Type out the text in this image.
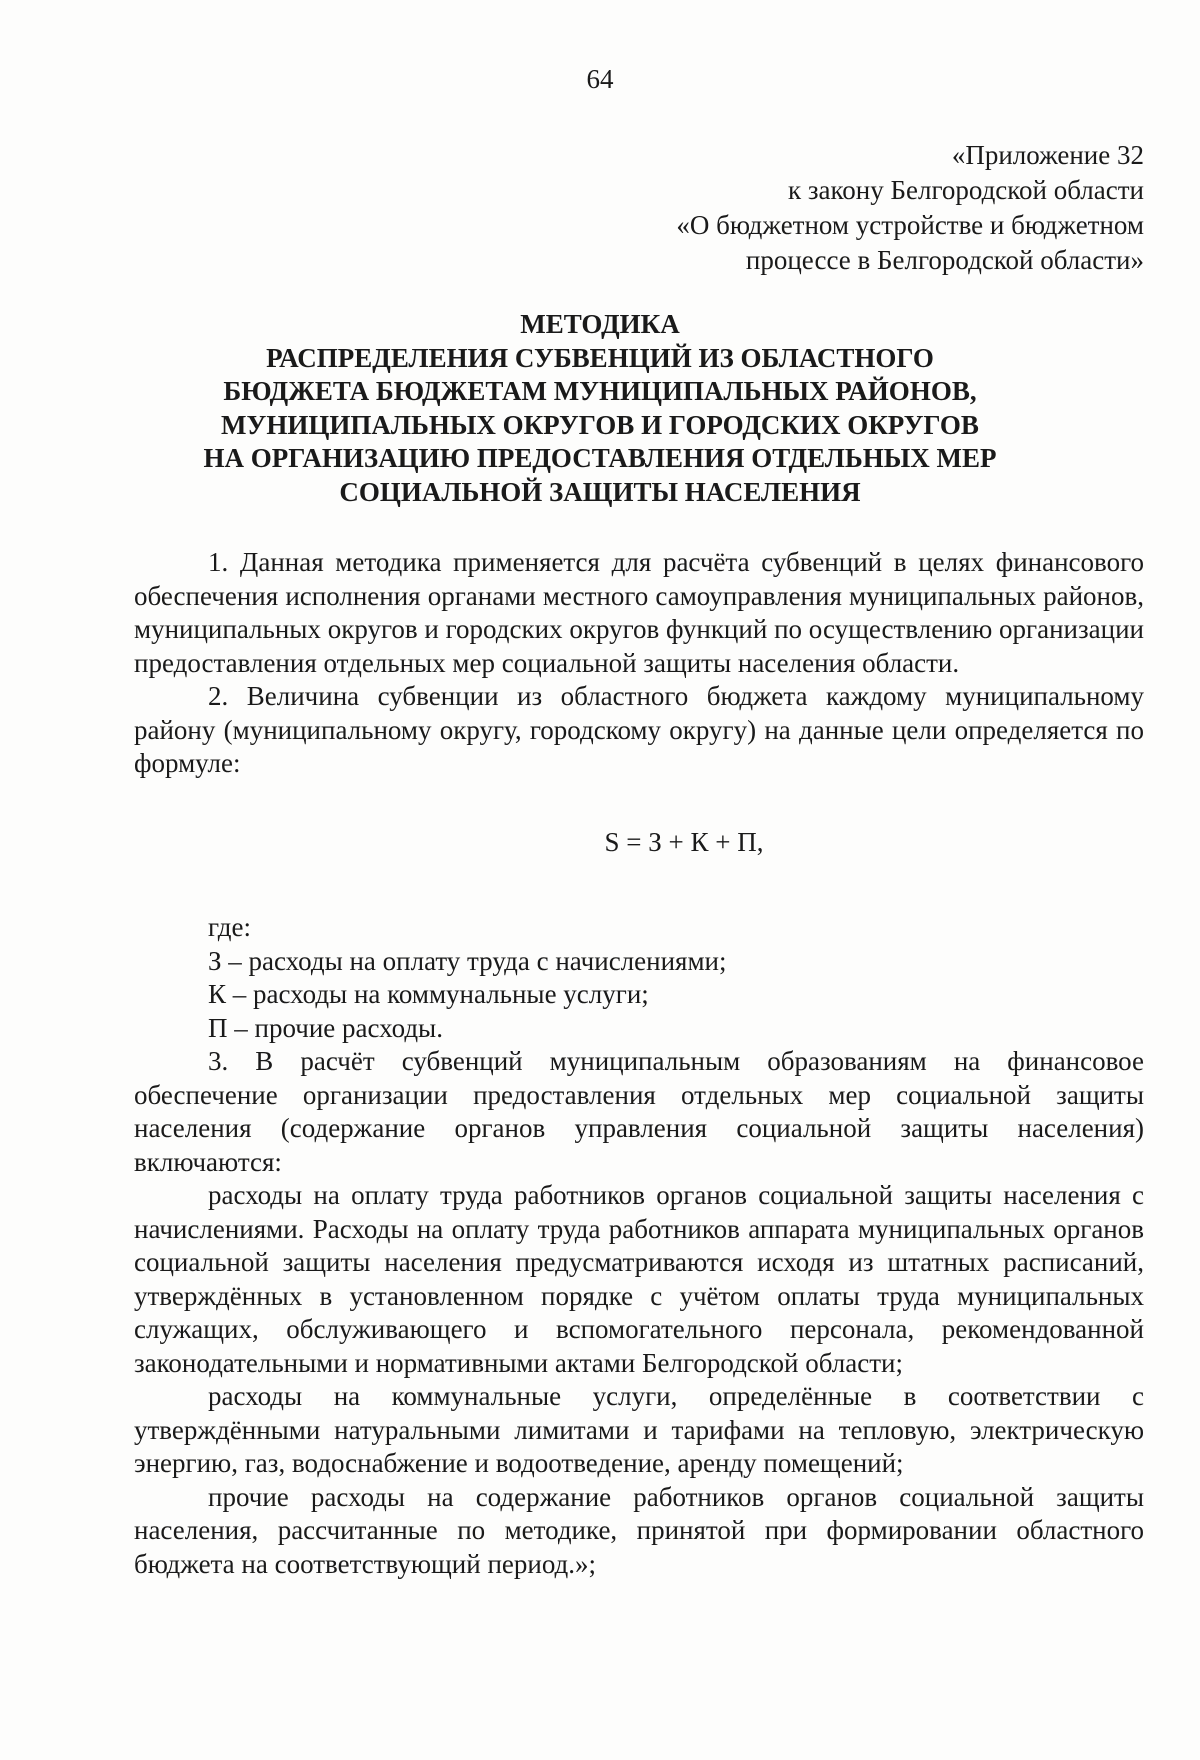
64
«Приложение 32
к закону Белгородской области
«О бюджетном устройстве и бюджетном
процессе в Белгородской области»
МЕТОДИКА
РАСПРЕДЕЛЕНИЯ СУБВЕНЦИЙ ИЗ ОБЛАСТНОГО
БЮДЖЕТА БЮДЖЕТАМ МУНИЦИПАЛЬНЫХ РАЙОНОВ,
МУНИЦИПАЛЬНЫХ ОКРУГОВ И ГОРОДСКИХ ОКРУГОВ
НА ОРГАНИЗАЦИЮ ПРЕДОСТАВЛЕНИЯ ОТДЕЛЬНЫХ МЕР
СОЦИАЛЬНОЙ ЗАЩИТЫ НАСЕЛЕНИЯ

1. Данная методика применяется для расчёта субвенций в целях финансового обеспечения исполнения органами местного самоуправления муниципальных районов, муниципальных округов и городских округов функций по осуществлению организации предоставления отдельных мер социальной защиты населения области.

2. Величина субвенции из областного бюджета каждому муниципальному району (муниципальному округу, городскому округу) на данные цели определяется по формуле:

S = З + К + П,
где:
З – расходы на оплату труда с начислениями;
К – расходы на коммунальные услуги;
П – прочие расходы.

3. В расчёт субвенций муниципальным образованиям на финансовое обеспечение организации предоставления отдельных мер социальной защиты населения (содержание органов управления социальной защиты населения) включаются:

расходы на оплату труда работников органов социальной защиты населения с начислениями. Расходы на оплату труда работников аппарата муниципальных органов социальной защиты населения предусматриваются исходя из штатных расписаний, утверждённых в установленном порядке с учётом оплаты труда муниципальных служащих, обслуживающего и вспомогательного персонала, рекомендованной законодательными и нормативными актами Белгородской области;

расходы на коммунальные услуги, определённые в соответствии с утверждёнными натуральными лимитами и тарифами на тепловую, электрическую энергию, газ, водоснабжение и водоотведение, аренду помещений;

прочие расходы на содержание работников органов социальной защиты населения, рассчитанные по методике, принятой при формировании областного бюджета на соответствующий период.»;
